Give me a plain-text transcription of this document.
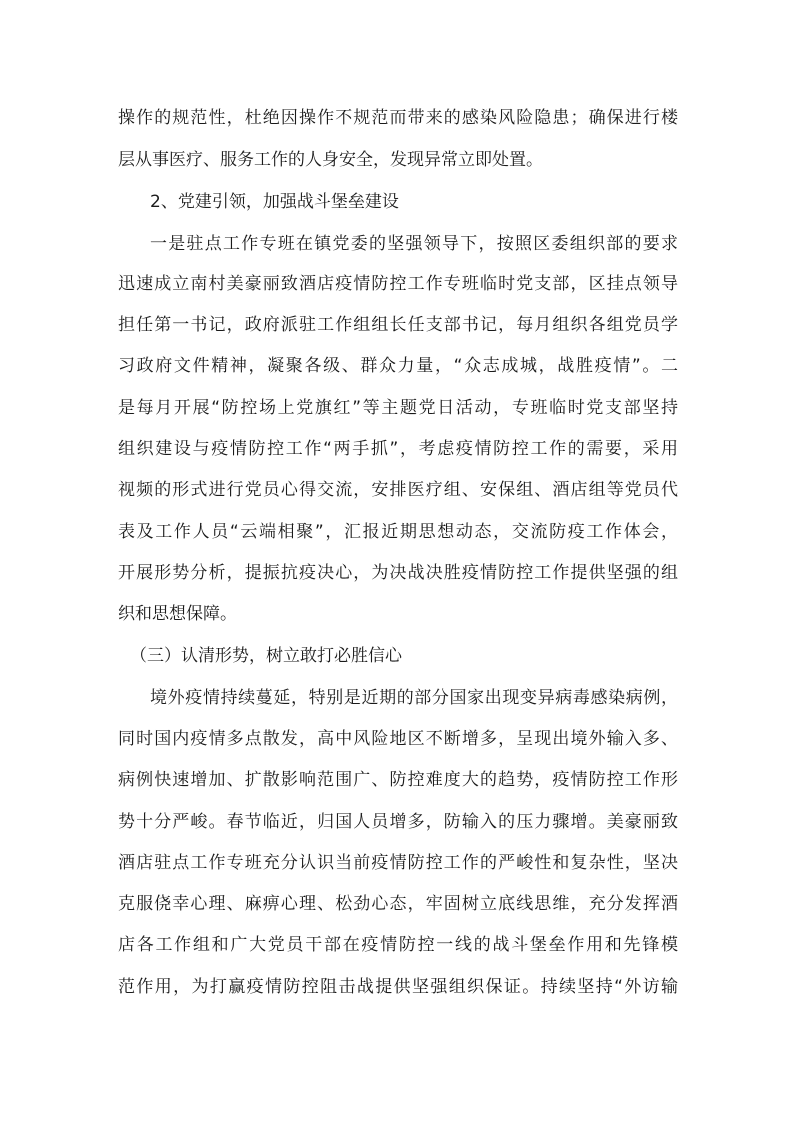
操作的规范性，杜绝因操作不规范而带来的感染风险隐患；确保进行楼
层从事医疗、服务工作的人身安全，发现异常立即处置。
2、党建引领，加强战斗堡垒建设
一是驻点工作专班在镇党委的坚强领导下，按照区委组织部的要求
迅速成立南村美豪丽致酒店疫情防控工作专班临时党支部，区挂点领导
担任第一书记，政府派驻工作组组长任支部书记，每月组织各组党员学
习政府文件精神，凝聚各级、群众力量，“众志成城，战胜疫情”。二
是每月开展“防控场上党旗红”等主题党日活动，专班临时党支部坚持
组织建设与疫情防控工作“两手抓”，考虑疫情防控工作的需要，采用
视频的形式进行党员心得交流，安排医疗组、安保组、酒店组等党员代
表及工作人员“云端相聚”，汇报近期思想动态，交流防疫工作体会，
开展形势分析，提振抗疫决心，为决战决胜疫情防控工作提供坚强的组
织和思想保障。
（三）认清形势，树立敢打必胜信心
境外疫情持续蔓延，特别是近期的部分国家出现变异病毒感染病例，
同时国内疫情多点散发，高中风险地区不断增多，呈现出境外输入多、
病例快速增加、扩散影响范围广、防控难度大的趋势，疫情防控工作形
势十分严峻。春节临近，归国人员增多，防输入的压力骤增。美豪丽致
酒店驻点工作专班充分认识当前疫情防控工作的严峻性和复杂性，坚决
克服侥幸心理、麻痹心理、松劲心态，牢固树立底线思维，充分发挥酒
店各工作组和广大党员干部在疫情防控一线的战斗堡垒作用和先锋模
范作用，为打赢疫情防控阻击战提供坚强组织保证。持续坚持“外访输
